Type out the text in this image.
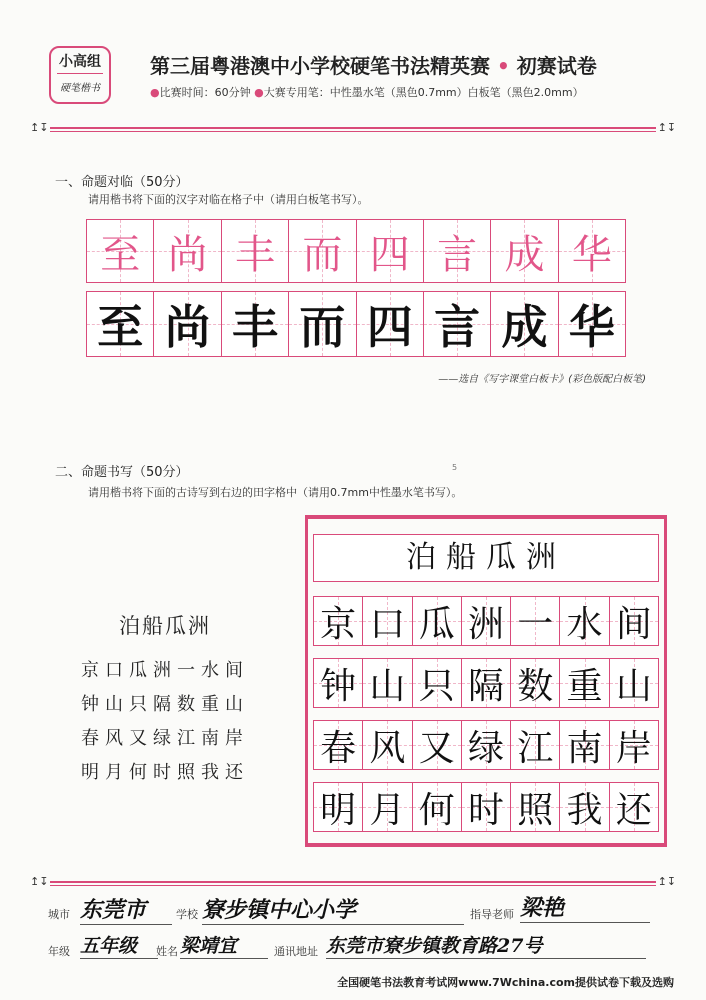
小高组
硬笔楷书
第三届粤港澳中小学校硬笔书法精英赛 • 初赛试卷
●比赛时间：60分钟 ●大赛专用笔：中性墨水笔（黑色0.7mm）白板笔（黑色2.0mm）
↥↧	↥↧
一、命题对临（50分）
请用楷书将下面的汉字对临在格子中（请用白板笔书写）。
至 尚 丰 而 四 言 成 华
至 尚 丰 而 四 言 成 华
——选自《写字课堂白板卡》(彩色版配白板笔)
5
二、命题书写（50分）
请用楷书将下面的古诗写到右边的田字格中（请用0.7mm中性墨水笔书写）。
泊船瓜洲
京口瓜洲一水间
钟山只隔数重山
春风又绿江南岸
明月何时照我还
泊船瓜洲
京 口 瓜 洲 一 水 间
钟 山 只 隔 数 重 山
春 风 又 绿 江 南 岸
明 月 何 时 照 我 还
↥↧	↥↧
城市 东莞市	学校 寮步镇中心小学	指导老师 梁艳
年级 五年级	姓名 梁靖宜	通讯地址 东莞市寮步镇教育路27号
全国硬笔书法教育考试网www.7Wchina.com提供试卷下载及选购
